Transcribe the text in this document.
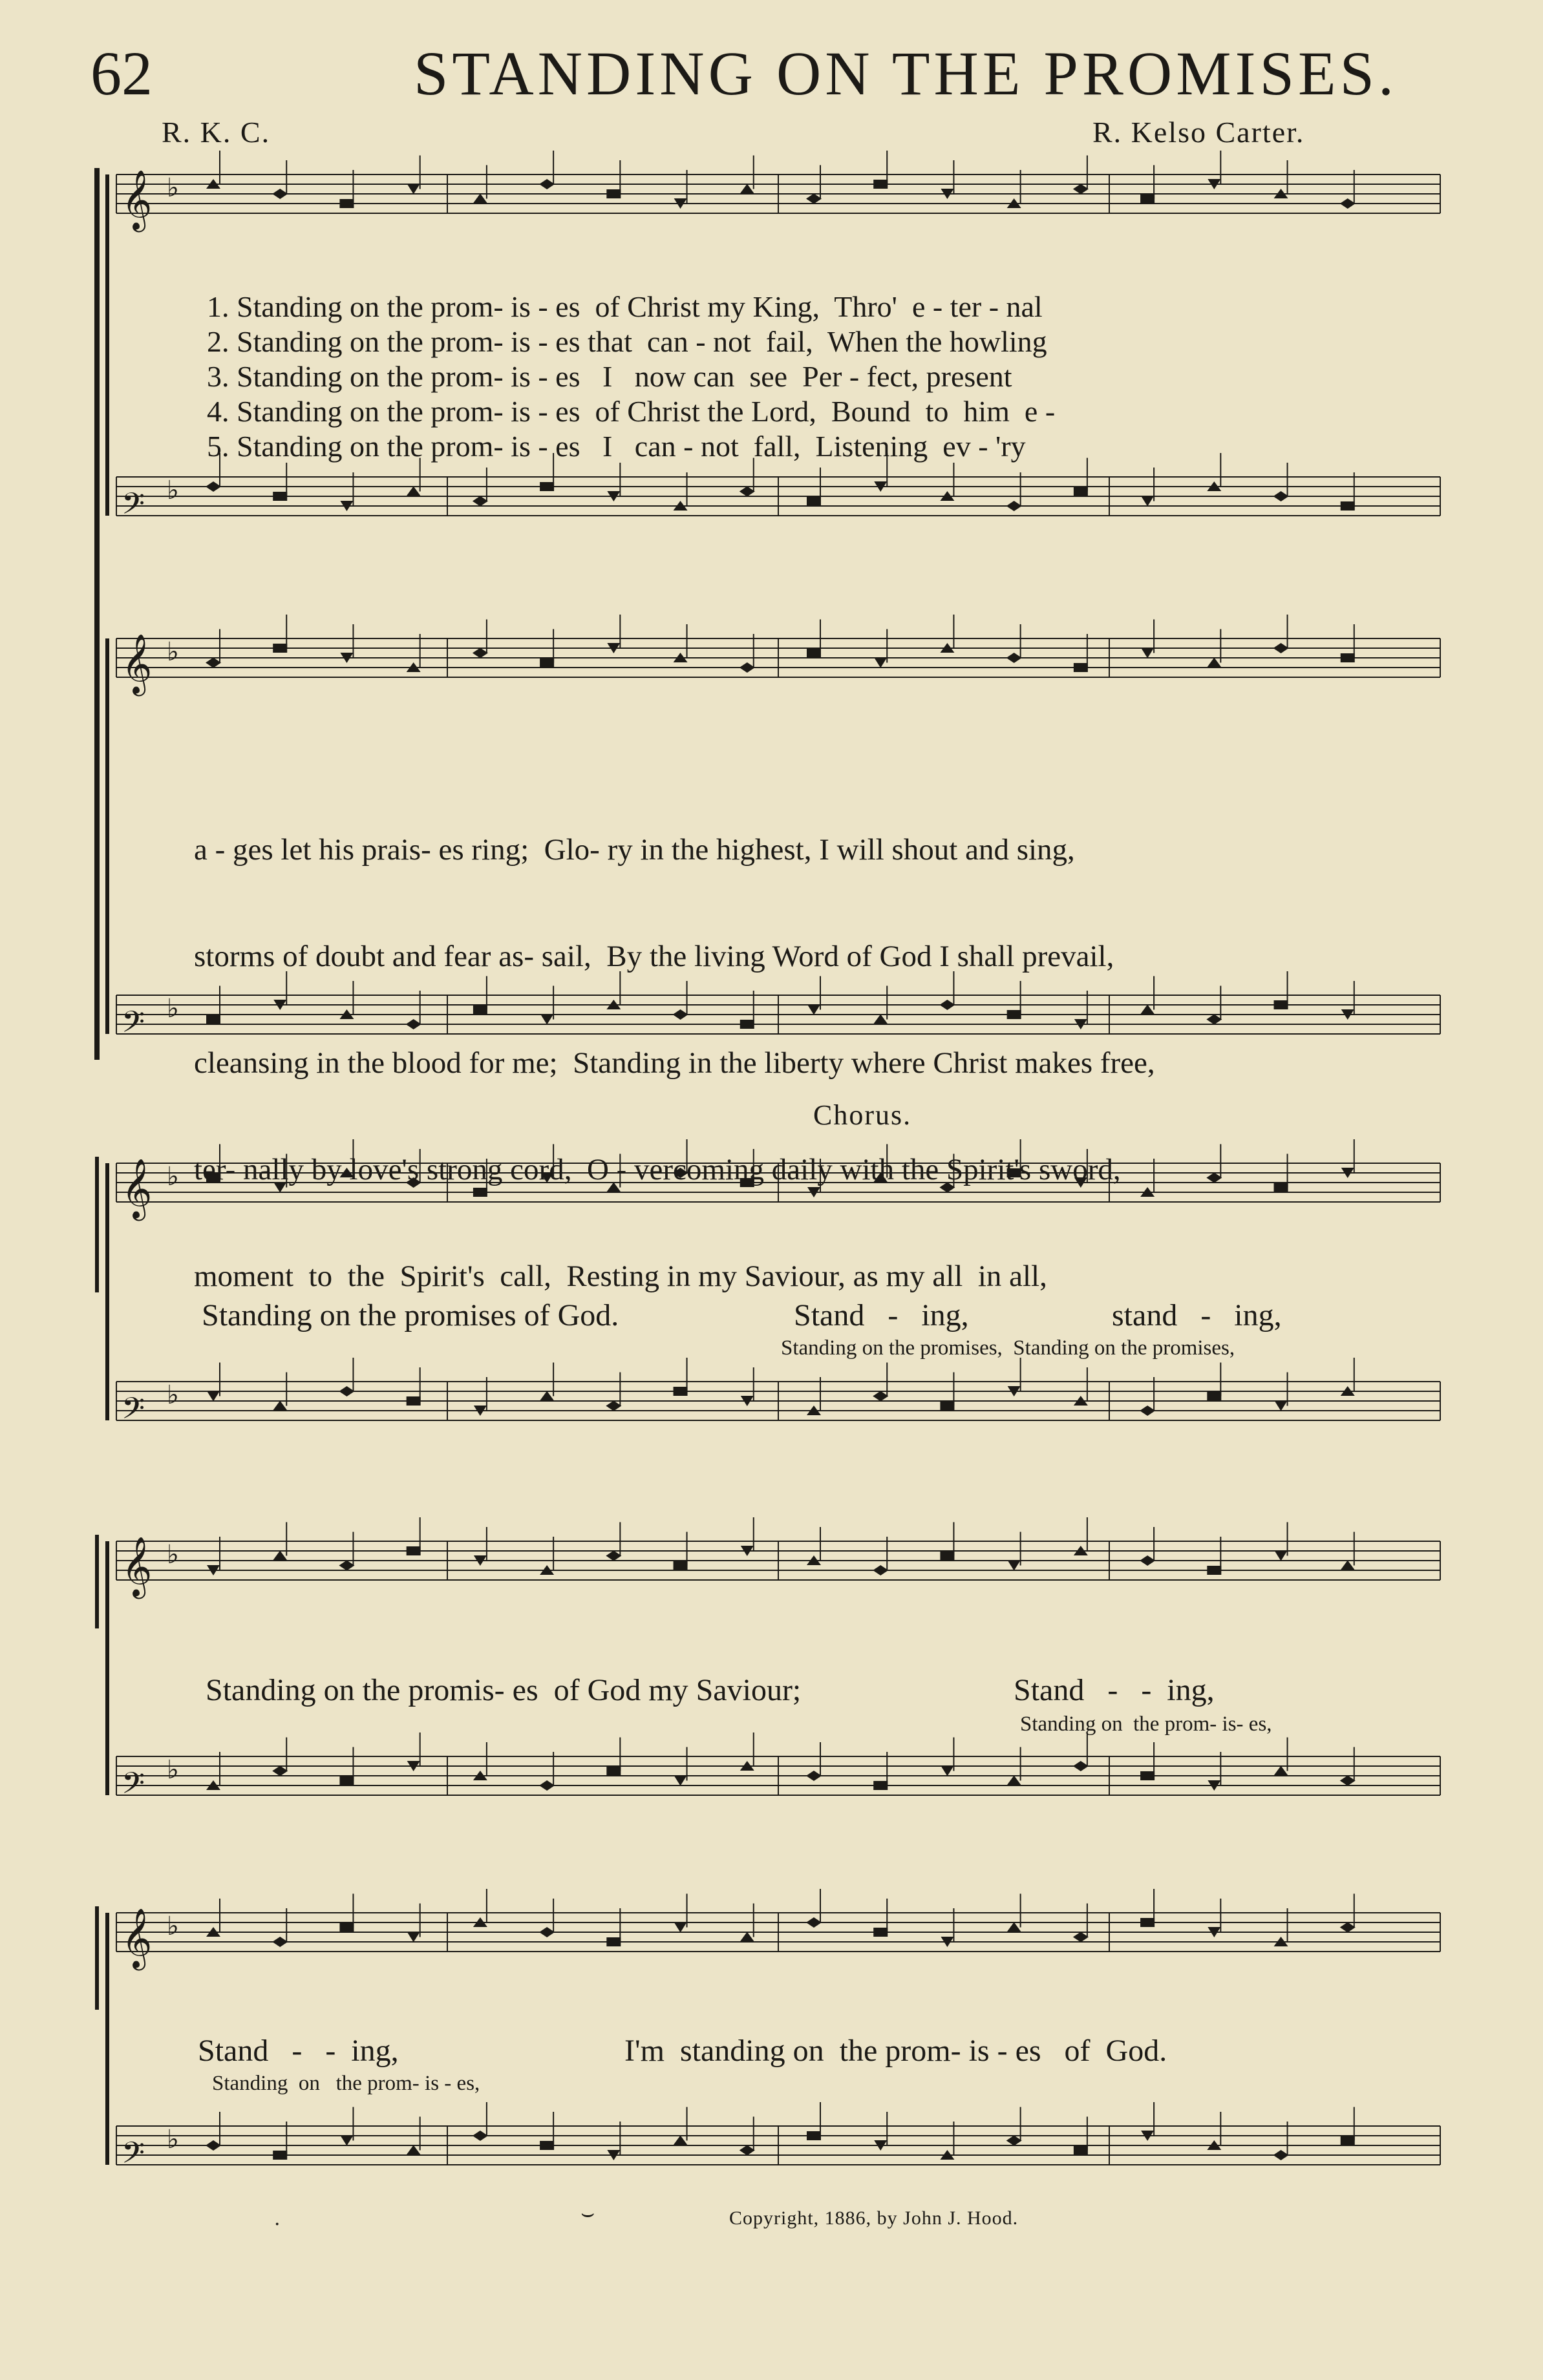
62	STANDING ON THE PROMISES.
R. K. C.	R. Kelso Carter.
𝄞 ♭
𝄢 ♭
𝄞 ♭
𝄢 ♭
𝄞 ♭
𝄢 ♭
𝄞 ♭
𝄢 ♭
𝄞 ♭
𝄢 ♭
1. Standing on the prom- is - es  of Christ my King, Thro'  e - ter - nal
2. Standing on the prom- is - es that  can - not  fail, When the howling
3. Standing on the prom- is - es   I   now can  see Per - fect, present
4. Standing on the prom- is - es  of Christ the Lord, Bound  to  him  e -
5. Standing on the prom- is - es   I   can - not  fall, Listening  ev - 'ry

a - ges let his prais- es ring; Glo- ry in the highest, I will shout and sing,

storms of doubt and fear as- sail, By the living Word of God I shall prevail,

cleansing in the blood for me; Standing in the liberty where Christ makes free,

ter- nally by love's strong cord, O - vercoming daily with the Spirit's sword,

moment  to  the  Spirit's  call, Resting in my Saviour, as my all  in all,

Chorus.
Standing on the promises of God.	Stand   -   ing,	stand   -   ing,
Standing on the promises,  Standing on the promises,
Standing on the promis- es  of God my Saviour;	Stand   -   -  ing,
Standing on  the prom- is- es,
Stand   -   -  ing,	I'm  standing on  the prom- is - es   of  God.
Standing  on   the prom- is - es,
·	⌣	Copyright, 1886, by John J. Hood.
